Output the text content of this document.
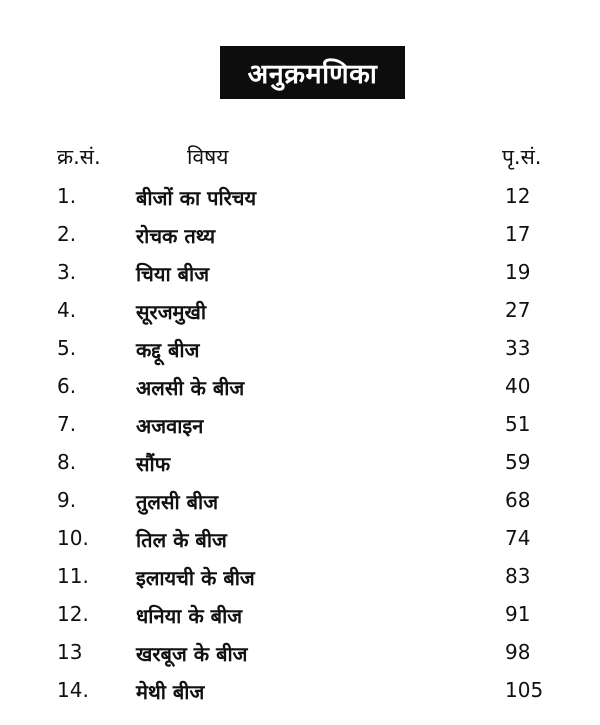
अनुक्रमणिका
क्र.सं.	विषय	पृ.सं.
1.	बीजों का परिचय	12
2.	रोचक तथ्य	17
3.	चिया बीज	19
4.	सूरजमुखी	27
5.	कद्दू बीज	33
6.	अलसी के बीज	40
7.	अजवाइन	51
8.	सौंफ	59
9.	तुलसी बीज	68
10. तिल के बीज	74
11. इलायची के बीज	83
12. धनिया के बीज	91
13	खरबूज के बीज	98
14. मेथी बीज	105
